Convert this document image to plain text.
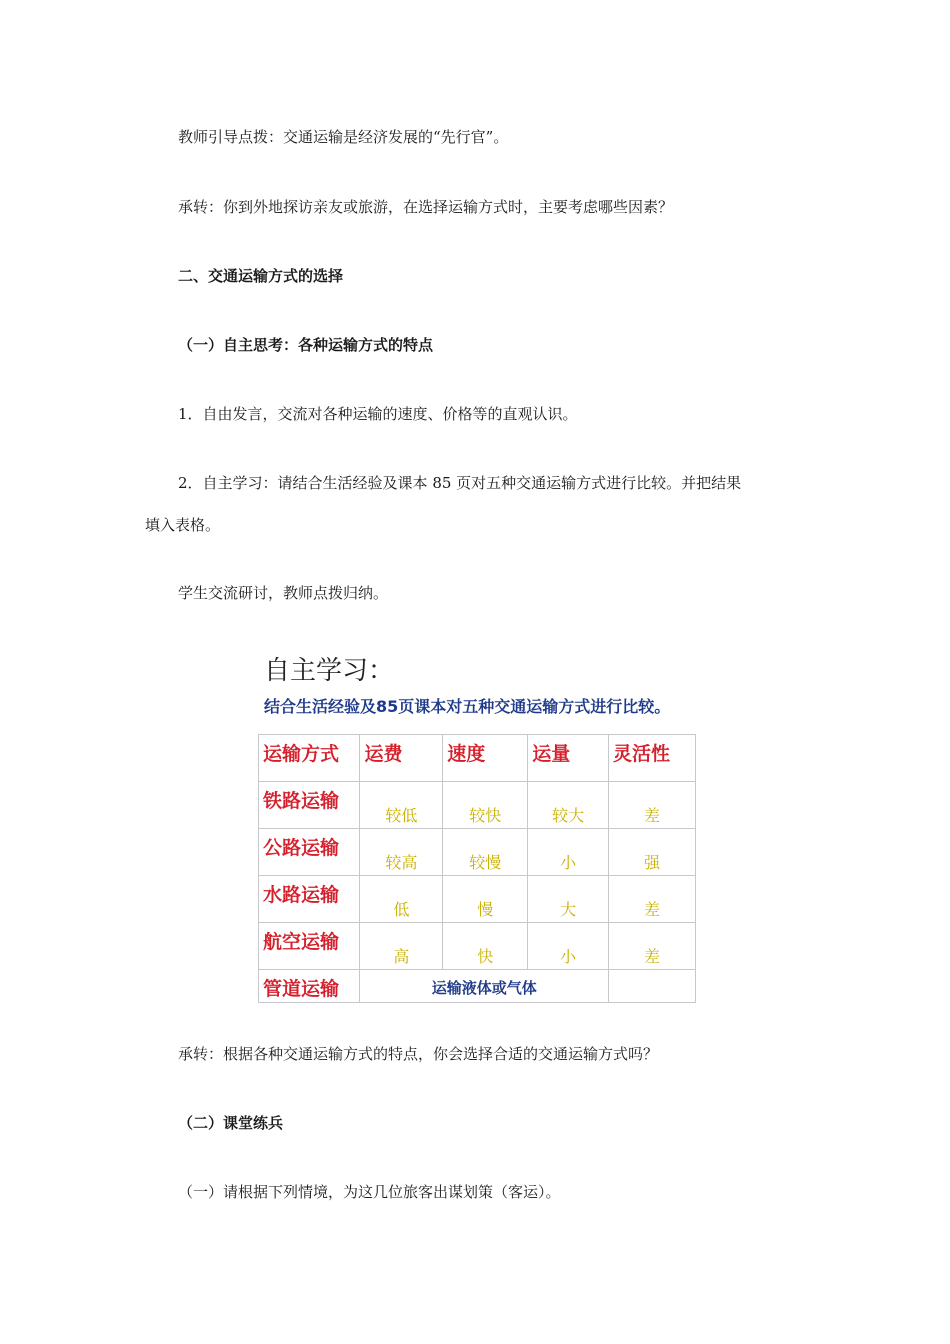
教师引导点拨：交通运输是经济发展的“先行官”。
承转：你到外地探访亲友或旅游，在选择运输方式时，主要考虑哪些因素？
二、交通运输方式的选择
（一）自主思考：各种运输方式的特点
1．自由发言，交流对各种运输的速度、价格等的直观认识。
2．自主学习：请结合生活经验及课本 85 页对五种交通运输方式进行比较。并把结果
填入表格。
学生交流研讨，教师点拨归纳。
自主学习：
结合生活经验及85页课本对五种交通运输方式进行比较。
运输方式	运费	速度	运量	灵活性
铁路运输	较低	较快	较大	差
公路运输	较高	较慢	小	强
水路运输	低	慢	大	差
航空运输	高	快	小	差
管道运输	运输液体或气体			
承转：根据各种交通运输方式的特点，你会选择合适的交通运输方式吗？
（二）课堂练兵
（一）请根据下列情境，为这几位旅客出谋划策（客运）。
